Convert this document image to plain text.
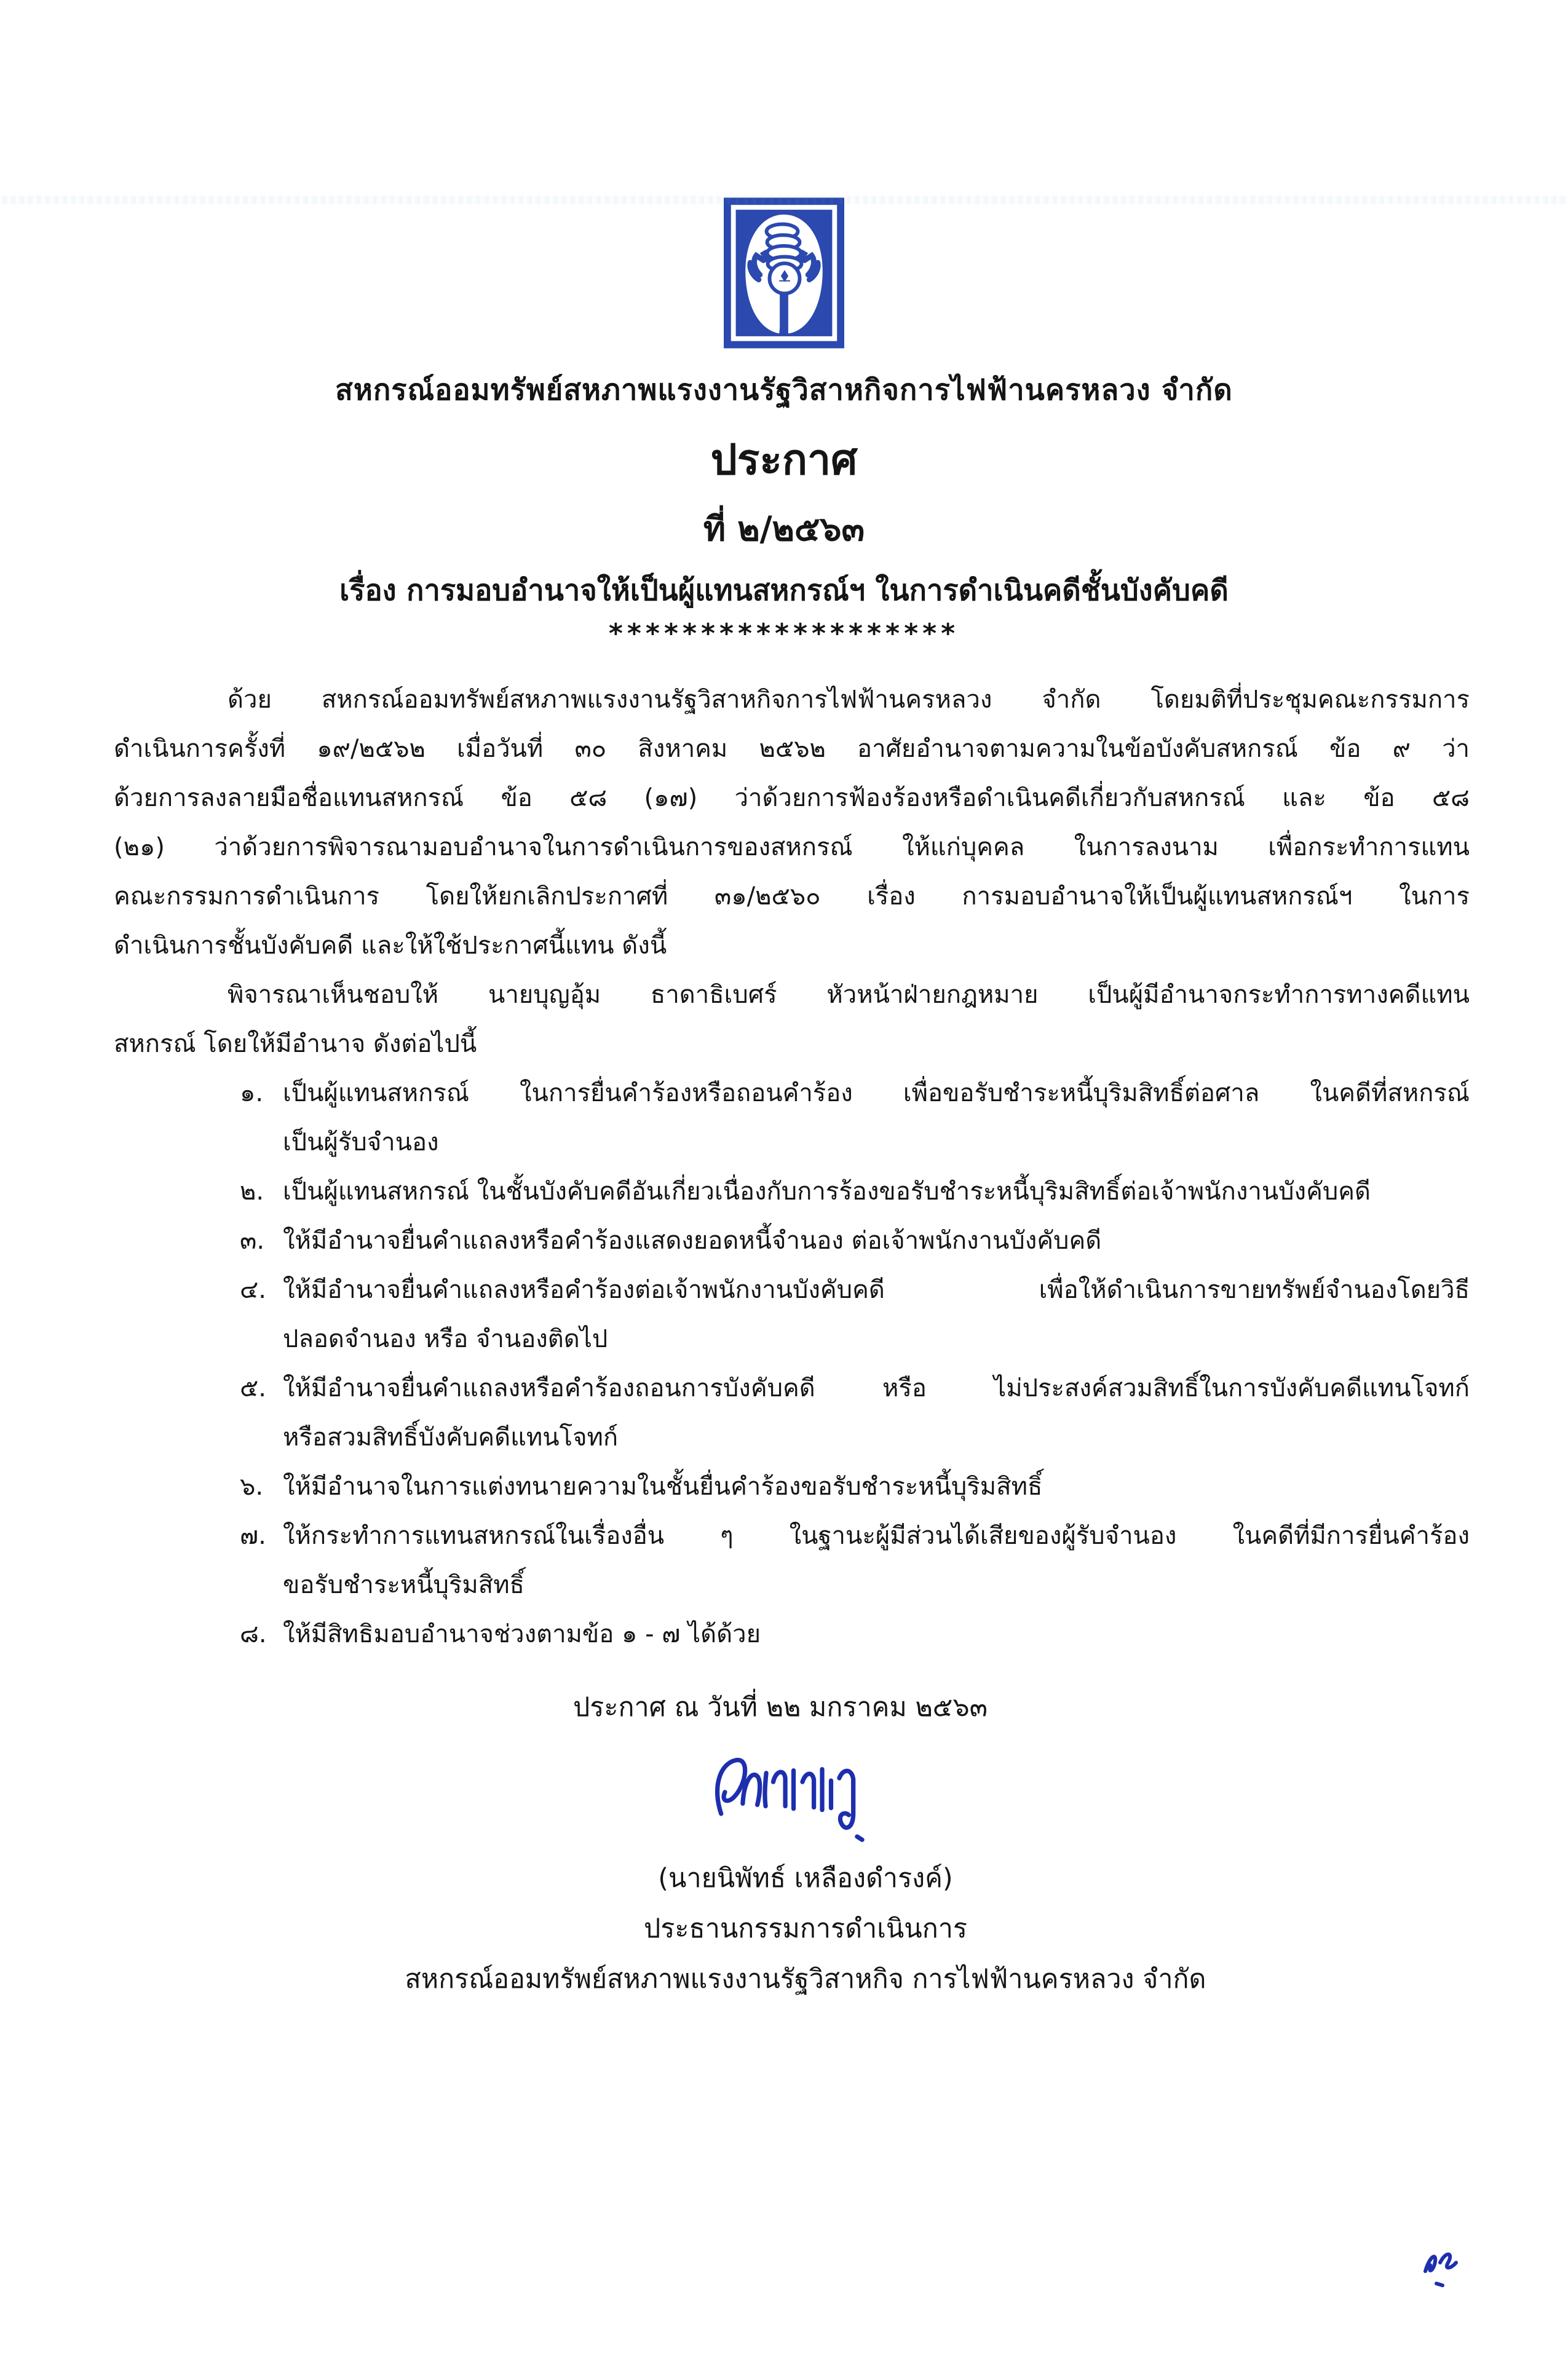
สหกรณ์ออมทรัพย์สหภาพแรงงานรัฐวิสาหกิจการไฟฟ้านครหลวง จำกัด
ประกาศ
ที่ ๒/๒๕๖๓
เรื่อง การมอบอำนาจให้เป็นผู้แทนสหกรณ์ฯ ในการดำเนินคดีชั้นบังคับคดี
*******************
ด้วย สหกรณ์ออมทรัพย์สหภาพแรงงานรัฐวิสาหกิจการไฟฟ้านครหลวง จำกัด โดยมติที่ประชุมคณะกรรมการ
ดำเนินการครั้งที่ ๑๙/๒๕๖๒ เมื่อวันที่ ๓๐ สิงหาคม ๒๕๖๒ อาศัยอำนาจตามความในข้อบังคับสหกรณ์ ข้อ ๙ ว่า
ด้วยการลงลายมือชื่อแทนสหกรณ์ ข้อ ๕๘ (๑๗) ว่าด้วยการฟ้องร้องหรือดำเนินคดีเกี่ยวกับสหกรณ์ และ ข้อ ๕๘
(๒๑) ว่าด้วยการพิจารณามอบอำนาจในการดำเนินการของสหกรณ์ ให้แก่บุคคล ในการลงนาม เพื่อกระทำการแทน
คณะกรรมการดำเนินการ โดยให้ยกเลิกประกาศที่ ๓๑/๒๕๖๐ เรื่อง การมอบอำนาจให้เป็นผู้แทนสหกรณ์ฯ ในการ
ดำเนินการชั้นบังคับคดี และให้ใช้ประกาศนี้แทน ดังนี้
พิจารณาเห็นชอบให้ นายบุญอุ้ม ธาดาธิเบศร์ หัวหน้าฝ่ายกฎหมาย เป็นผู้มีอำนาจกระทำการทางคดีแทน
สหกรณ์ โดยให้มีอำนาจ ดังต่อไปนี้
๑. เป็นผู้แทนสหกรณ์ ในการยื่นคำร้องหรือถอนคำร้อง เพื่อขอรับชำระหนี้บุริมสิทธิ์ต่อศาล ในคดีที่สหกรณ์
เป็นผู้รับจำนอง
๒. เป็นผู้แทนสหกรณ์ ในชั้นบังคับคดีอันเกี่ยวเนื่องกับการร้องขอรับชำระหนี้บุริมสิทธิ์ต่อเจ้าพนักงานบังคับคดี
๓. ให้มีอำนาจยื่นคำแถลงหรือคำร้องแสดงยอดหนี้จำนอง ต่อเจ้าพนักงานบังคับคดี
๔. ให้มีอำนาจยื่นคำแถลงหรือคำร้องต่อเจ้าพนักงานบังคับคดี เพื่อให้ดำเนินการขายทรัพย์จำนองโดยวิธี
ปลอดจำนอง หรือ จำนองติดไป
๕. ให้มีอำนาจยื่นคำแถลงหรือคำร้องถอนการบังคับคดี หรือ ไม่ประสงค์สวมสิทธิ์ในการบังคับคดีแทนโจทก์
หรือสวมสิทธิ์บังคับคดีแทนโจทก์
๖. ให้มีอำนาจในการแต่งทนายความในชั้นยื่นคำร้องขอรับชำระหนี้บุริมสิทธิ์
๗. ให้กระทำการแทนสหกรณ์ในเรื่องอื่น ๆ ในฐานะผู้มีส่วนได้เสียของผู้รับจำนอง ในคดีที่มีการยื่นคำร้อง
ขอรับชำระหนี้บุริมสิทธิ์
๘. ให้มีสิทธิมอบอำนาจช่วงตามข้อ ๑ - ๗ ได้ด้วย
ประกาศ ณ วันที่ ๒๒ มกราคม ๒๕๖๓
(นายนิพัทธ์ เหลืองดำรงค์)
ประธานกรรมการดำเนินการ
สหกรณ์ออมทรัพย์สหภาพแรงงานรัฐวิสาหกิจ การไฟฟ้านครหลวง จำกัด
